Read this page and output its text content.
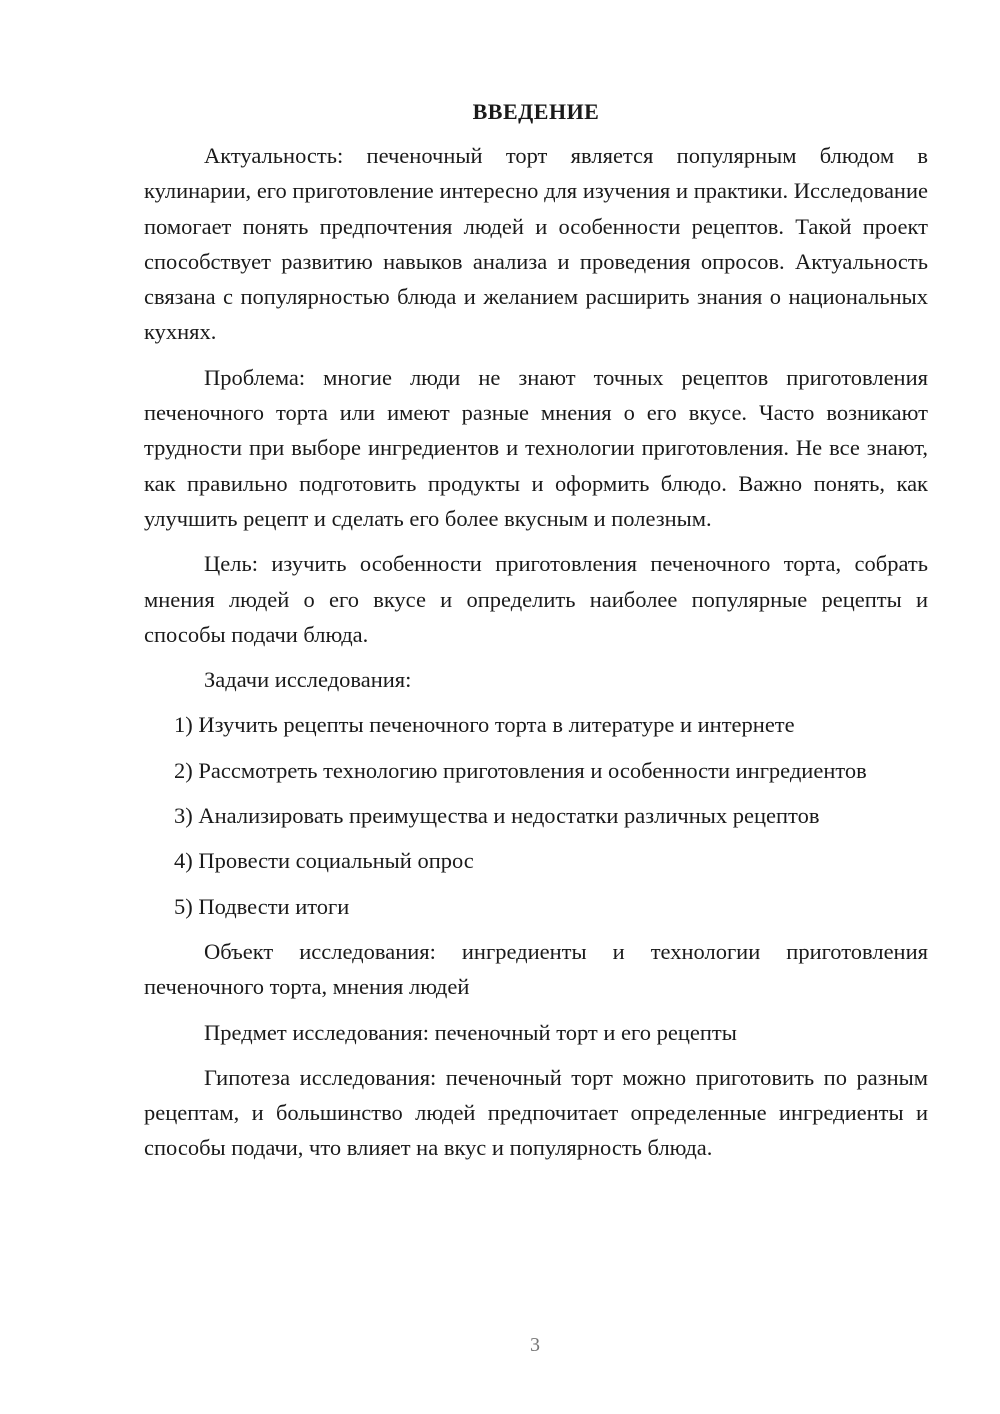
ВВЕДЕНИЕ

Актуальность: печеночный торт является популярным блюдом в кулинарии, его приготовление интересно для изучения и практики. Исследование помогает понять предпочтения людей и особенности рецептов. Такой проект способствует развитию навыков анализа и проведения опросов. Актуальность связана с популярностью блюда и желанием расширить знания о национальных кухнях.

Проблема: многие люди не знают точных рецептов приготовления печеночного торта или имеют разные мнения о его вкусе. Часто возникают трудности при выборе ингредиентов и технологии приготовления. Не все знают, как правильно подготовить продукты и оформить блюдо. Важно понять, как улучшить рецепт и сделать его более вкусным и полезным.

Цель: изучить особенности приготовления печеночного торта, собрать мнения людей о его вкусе и определить наиболее популярные рецепты и способы подачи блюда.

Задачи исследования:

1) Изучить рецепты печеночного торта в литературе и интернете

2) Рассмотреть технологию приготовления и особенности ингредиентов

3) Анализировать преимущества и недостатки различных рецептов

4) Провести социальный опрос

5) Подвести итоги

Объект исследования: ингредиенты и технологии приготовления печеночного торта, мнения людей

Предмет исследования: печеночный торт и его рецепты

Гипотеза исследования: печеночный торт можно приготовить по разным рецептам, и большинство людей предпочитает определенные ингредиенты и способы подачи, что влияет на вкус и популярность блюда.

3
